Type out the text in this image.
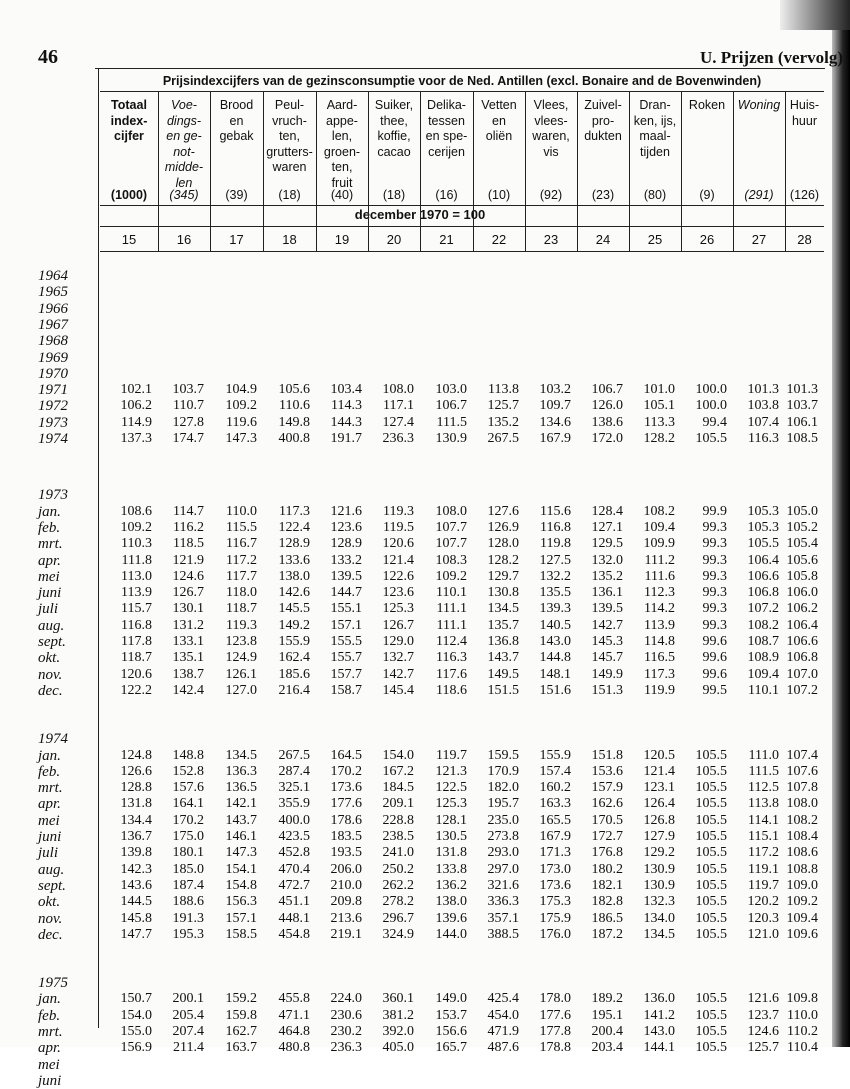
46	U. Prijzen (vervolg)
Prijsindexcijfers van de gezinsconsumptie voor de Ned. Antillen (excl. Bonaire and de Bovenwinden)
december 1970 = 100
Totaal
index-
cijfer
(1000)
15
Voe-
dings-
en ge-
not-
midde-
len
(345)
16
Brood
en
gebak
(39)
17
Peul-
vruch-
ten,
grutters-
waren
(18)
18
Aard-
appe-
len,
groen-
ten,
fruit
(40)
19
Suiker,
thee,
koffie,
cacao
(18)
20
Delika-
tessen
en spe-
cerijen
(16)
21
Vetten
en
oliën
(10)
22
Vlees,
vlees-
waren,
vis
(92)
23
Zuivel-
pro-
dukten
(23)
24
Dran-
ken, ijs,
maal-
tijden
(80)
25
Roken
(9)
26
Woning
(291)
27
Huis-
huur
(126)
28
1964
1965
1966
1967
1968
1969
1970
1971	102.1	103.7	104.9	105.6	103.4	108.0	103.0	113.8	103.2	106.7	101.0	100.0	101.3 101.3
1972	106.2	110.7	109.2	110.6	114.3	117.1	106.7	125.7	109.7	126.0	105.1	100.0	103.8 103.7
1973	114.9	127.8	119.6	149.8	144.3	127.4	111.5	135.2	134.6	138.6	113.3	99.4	107.4 106.1
1974	137.3	174.7	147.3	400.8	191.7	236.3	130.9	267.5	167.9	172.0	128.2	105.5	116.3 108.5
1973
jan.	108.6	114.7	110.0	117.3	121.6	119.3	108.0	127.6	115.6	128.4	108.2	99.9	105.3 105.0
feb.	109.2	116.2	115.5	122.4	123.6	119.5	107.7	126.9	116.8	127.1	109.4	99.3	105.3 105.2
mrt.	110.3	118.5	116.7	128.9	128.9	120.6	107.7	128.0	119.8	129.5	109.9	99.3	105.5 105.4
apr.	111.8	121.9	117.2	133.6	133.2	121.4	108.3	128.2	127.5	132.0	111.2	99.3	106.4 105.6
mei	113.0	124.6	117.7	138.0	139.5	122.6	109.2	129.7	132.2	135.2	111.6	99.3	106.6 105.8
juni	113.9	126.7	118.0	142.6	144.7	123.6	110.1	130.8	135.5	136.1	112.3	99.3	106.8 106.0
juli	115.7	130.1	118.7	145.5	155.1	125.3	111.1	134.5	139.3	139.5	114.2	99.3	107.2 106.2
aug.	116.8	131.2	119.3	149.2	157.1	126.7	111.1	135.7	140.5	142.7	113.9	99.3	108.2 106.4
sept.	117.8	133.1	123.8	155.9	155.5	129.0	112.4	136.8	143.0	145.3	114.8	99.6	108.7 106.6
okt.	118.7	135.1	124.9	162.4	155.7	132.7	116.3	143.7	144.8	145.7	116.5	99.6	108.9 106.8
nov.	120.6	138.7	126.1	185.6	157.7	142.7	117.6	149.5	148.1	149.9	117.3	99.6	109.4 107.0
dec.	122.2	142.4	127.0	216.4	158.7	145.4	118.6	151.5	151.6	151.3	119.9	99.5	110.1 107.2
1974
jan.	124.8	148.8	134.5	267.5	164.5	154.0	119.7	159.5	155.9	151.8	120.5	105.5	111.0 107.4
feb.	126.6	152.8	136.3	287.4	170.2	167.2	121.3	170.9	157.4	153.6	121.4	105.5	111.5 107.6
mrt.	128.8	157.6	136.5	325.1	173.6	184.5	122.5	182.0	160.2	157.9	123.1	105.5	112.5 107.8
apr.	131.8	164.1	142.1	355.9	177.6	209.1	125.3	195.7	163.3	162.6	126.4	105.5	113.8 108.0
mei	134.4	170.2	143.7	400.0	178.6	228.8	128.1	235.0	165.5	170.5	126.8	105.5	114.1 108.2
juni	136.7	175.0	146.1	423.5	183.5	238.5	130.5	273.8	167.9	172.7	127.9	105.5	115.1 108.4
juli	139.8	180.1	147.3	452.8	193.5	241.0	131.8	293.0	171.3	176.8	129.2	105.5	117.2 108.6
aug.	142.3	185.0	154.1	470.4	206.0	250.2	133.8	297.0	173.0	180.2	130.9	105.5	119.1 108.8
sept.	143.6	187.4	154.8	472.7	210.0	262.2	136.2	321.6	173.6	182.1	130.9	105.5	119.7 109.0
okt.	144.5	188.6	156.3	451.1	209.8	278.2	138.0	336.3	175.3	182.8	132.3	105.5	120.2 109.2
nov.	145.8	191.3	157.1	448.1	213.6	296.7	139.6	357.1	175.9	186.5	134.0	105.5	120.3 109.4
dec.	147.7	195.3	158.5	454.8	219.1	324.9	144.0	388.5	176.0	187.2	134.5	105.5	121.0 109.6
1975
jan.	150.7	200.1	159.2	455.8	224.0	360.1	149.0	425.4	178.0	189.2	136.0	105.5	121.6 109.8
feb.	154.0	205.4	159.8	471.1	230.6	381.2	153.7	454.0	177.6	195.1	141.2	105.5	123.7 110.0
mrt.	155.0	207.4	162.7	464.8	230.2	392.0	156.6	471.9	177.8	200.4	143.0	105.5	124.6 110.2
apr.	156.9	211.4	163.7	480.8	236.3	405.0	165.7	487.6	178.8	203.4	144.1	105.5	125.7 110.4
mei
juni
